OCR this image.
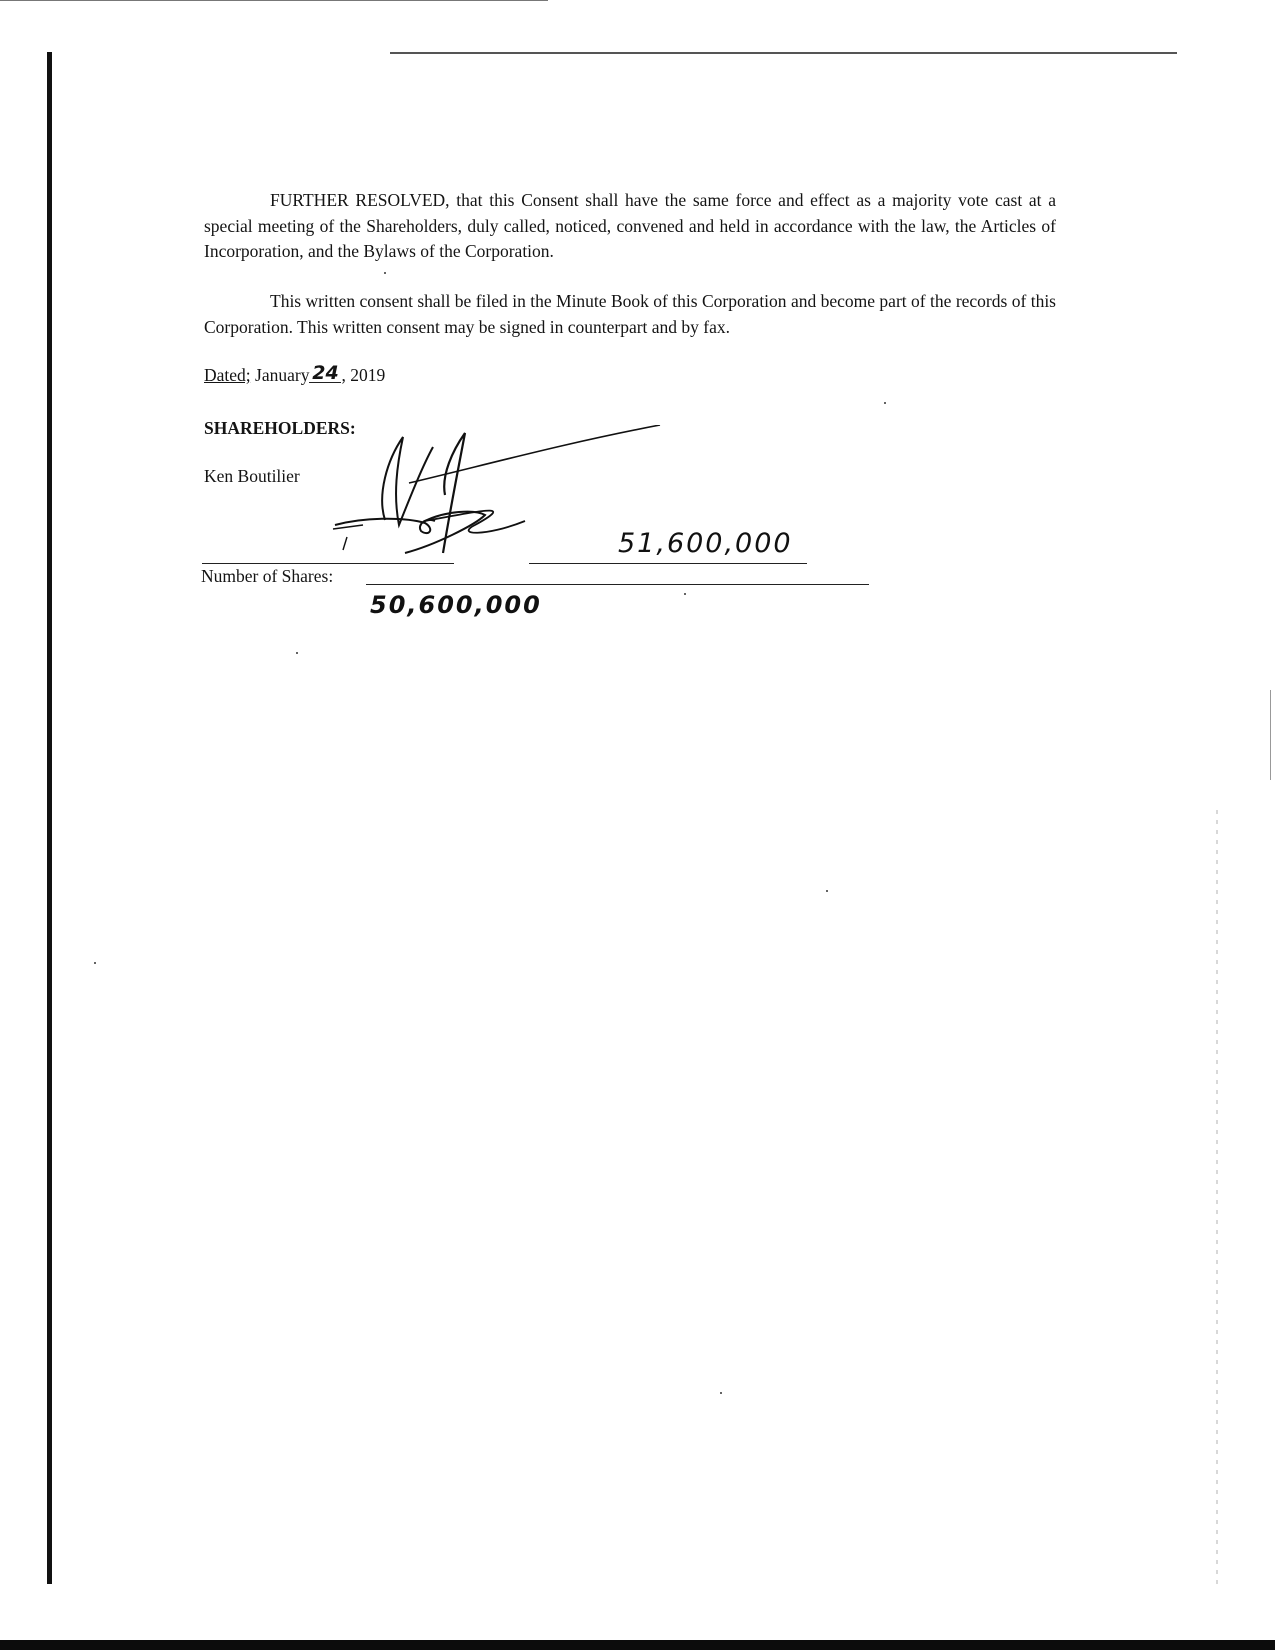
FURTHER RESOLVED, that this Consent shall have the same force and effect as a majority vote cast at a special meeting of the Shareholders, duly called, noticed, convened and held in accordance with the law, the Articles of Incorporation, and the Bylaws of the Corporation.

This written consent shall be filed in the Minute Book of this Corporation and become part of the records of this Corporation. This written consent may be signed in counterpart and by fax.

Dated; January 24 , 2019
SHAREHOLDERS:
Ken Boutilier
Number of Shares:
51,600,000
50,600,000
